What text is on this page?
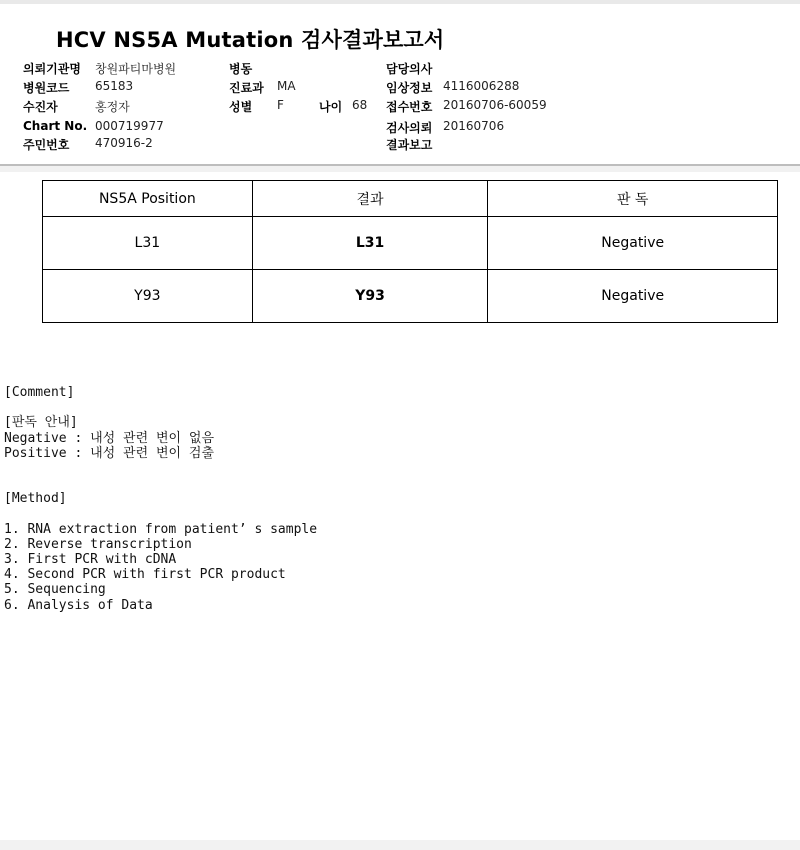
HCV NS5A Mutation 검사결과보고서
의뢰기관명 창원파티마병원
병원코드 65183
수진자	홍정자
Chart No. 000719977
주민번호 470916-2
병동
진료과 MA
성별 F	나이 68
담당의사
임상정보 4116006288
접수번호 20160706-60059
검사의뢰 20160706
결과보고
NS5A Position	결과	판 독
L31	L31	Negative
Y93	Y93	Negative
[Comment]
[판독 안내]
Negative : 내성 관련 변이 없음
Positive : 내성 관련 변이 검출
[Method]
1. RNA extraction from patient’ s sample
2. Reverse transcription
3. First PCR with cDNA
4. Second PCR with first PCR product
5. Sequencing
6. Analysis of Data
